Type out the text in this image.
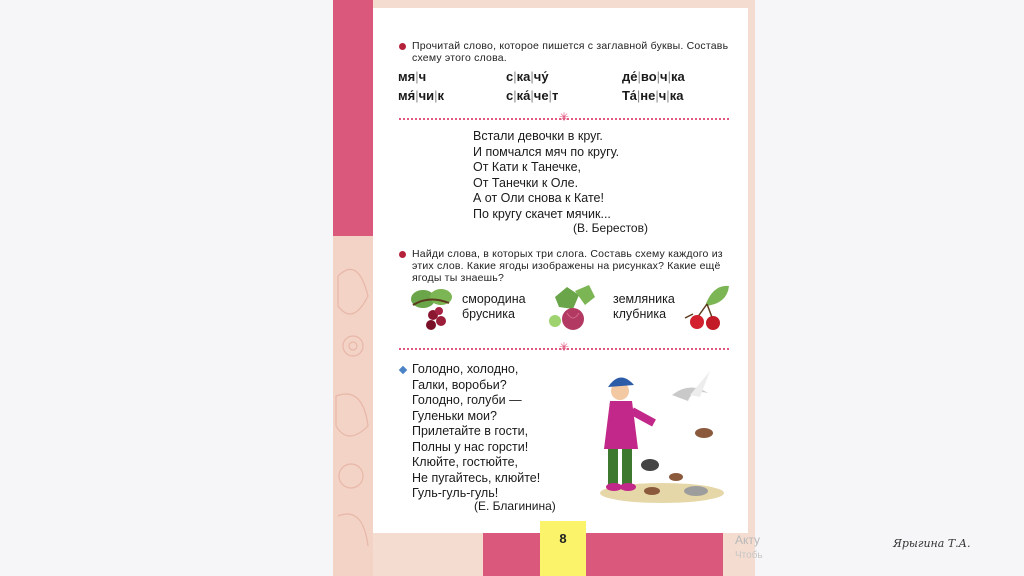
Прочитай слово, которое пишется с заглавной буквы. Составь схему этого слова.
мя|ч	с|ка|чу́	де́|во|ч|ка
мя́|чи|к	с|ка́|че|т	Та́|не|ч|ка
✳
Встали девочки в круг.
И помчался мяч по кругу.
От Кати к Танечке,
От Танечки к Оле.
А от Оли снова к Кате!
По кругу скачет мячик...
(В. Берестов)
Найди слова, в которых три слога. Составь схему каждого из этих слов. Какие ягоды изображены на рисунках? Какие ещё ягоды ты знаешь?
смородина
брусника
земляника
клубника
✳
Голодно, холодно,
Галки, воробьи?
Голодно, голуби —
Гуленьки мои?
Прилетайте в гости,
Полны у нас горсти!
Клюйте, гостюйте,
Не пугайтесь, клюйте!
Гуль-гуль-гуль!
(Е. Благинина)
8	Акту
Чтобь
Ярыгина Т.А.
